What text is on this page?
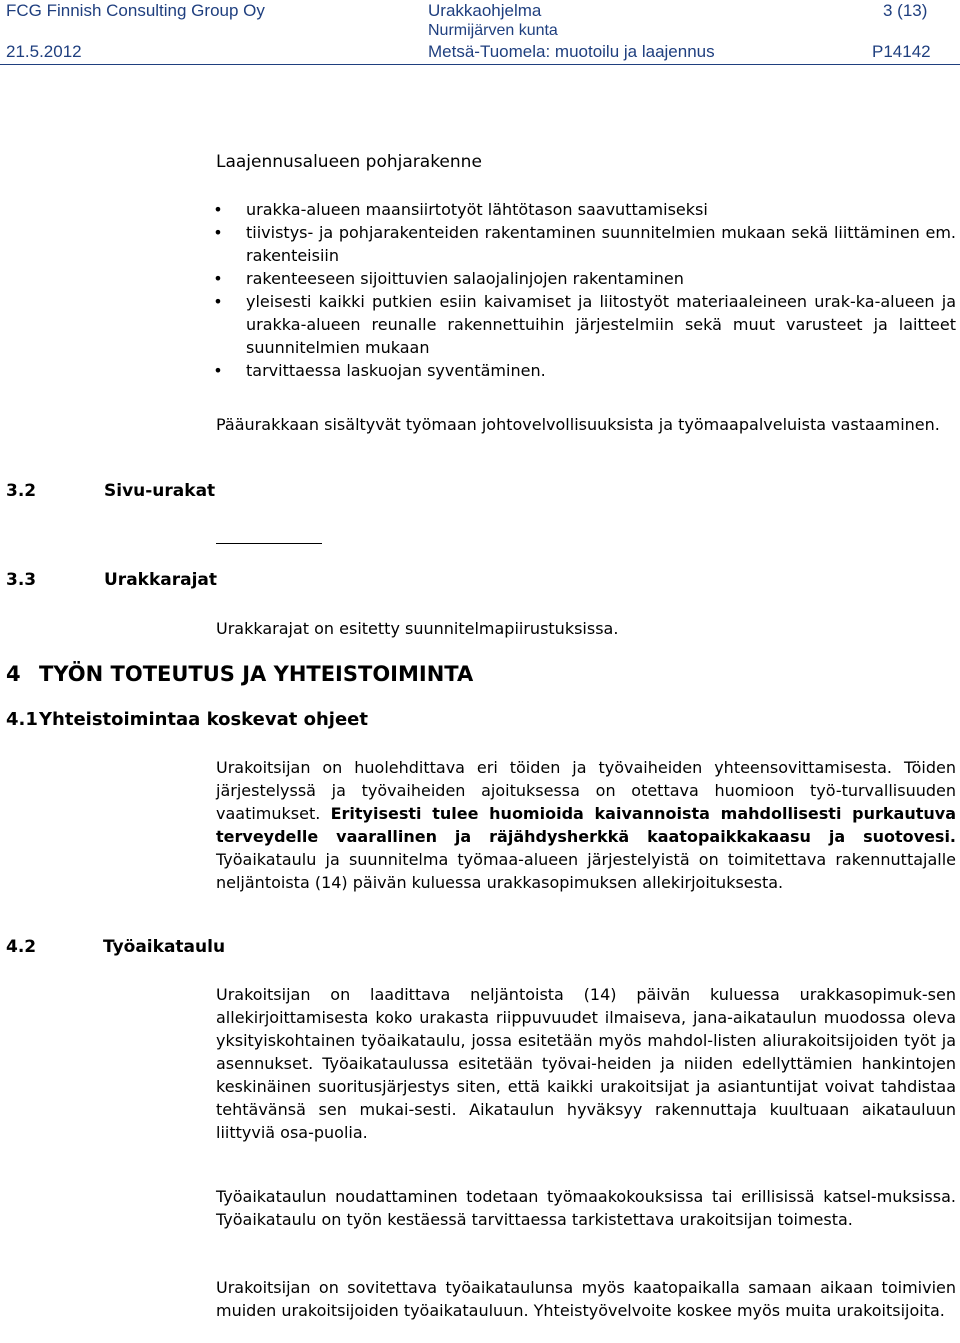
FCG Finnish Consulting Group Oy
21.5.2012
Urakkaohjelma
Nurmijärven kunta
Metsä-Tuomela: muotoilu ja laajennus
3 (13)
P14142
Laajennusalueen pohjarakenne
• urakka-alueen maansiirtotyöt lähtötason saavuttamiseksi
• tiivistys- ja pohjarakenteiden rakentaminen suunnitelmien mukaan sekä liittäminen em. rakenteisiin
• rakenteeseen sijoittuvien salaojalinjojen rakentaminen
• yleisesti kaikki putkien esiin kaivamiset ja liitostyöt materiaaleineen urak-ka-alueen ja urakka-alueen reunalle rakennettuihin järjestelmiin sekä muut varusteet ja laitteet suunnitelmien mukaan
• tarvittaessa laskuojan syventäminen.

Pääurakkaan sisältyvät työmaan johtovelvollisuuksista ja työmaapalveluista vastaaminen.

3.2	Sivu-urakat
3.3	Urakkarajat

Urakkarajat on esitetty suunnitelmapiirustuksissa.

4 TYÖN TOTEUTUS JA YHTEISTOIMINTA
4.1Yhteistoimintaa koskevat ohjeet

Urakoitsijan on huolehdittava eri töiden ja työvaiheiden yhteensovittamisesta. Töiden järjestelyssä ja työvaiheiden ajoituksessa on otettava huomioon työ-turvallisuuden vaatimukset. Erityisesti tulee huomioida kaivannoista mahdollisesti purkautuva terveydelle vaarallinen ja räjähdysherkkä kaatopaikkakaasu ja suotovesi. Työaikataulu ja suunnitelma työmaa-alueen järjestelyistä on toimitettava rakennuttajalle neljäntoista (14) päivän kuluessa urakkasopimuksen allekirjoituksesta.

4.2	Työaikataulu

Urakoitsijan on laadittava neljäntoista (14) päivän kuluessa urakkasopimuk-sen allekirjoittamisesta koko urakasta riippuvuudet ilmaiseva, jana-aikataulun muodossa oleva yksityiskohtainen työaikataulu, jossa esitetään myös mahdol-listen aliurakoitsijoiden työt ja asennukset. Työaikataulussa esitetään työvai-heiden ja niiden edellyttämien hankintojen keskinäinen suoritusjärjestys siten, että kaikki urakoitsijat ja asiantuntijat voivat tahdistaa tehtävänsä sen mukai-sesti. Aikataulun hyväksyy rakennuttaja kuultuaan aikatauluun liittyviä osa-puolia.

Työaikataulun noudattaminen todetaan työmaakokouksissa tai erillisissä katsel-muksissa. Työaikataulu on työn kestäessä tarvittaessa tarkistettava urakoitsijan toimesta.

Urakoitsijan on sovitettava työaikataulunsa myös kaatopaikalla samaan aikaan toimivien muiden urakoitsijoiden työaikatauluun. Yhteistyövelvoite koskee myös muita urakoitsijoita.
